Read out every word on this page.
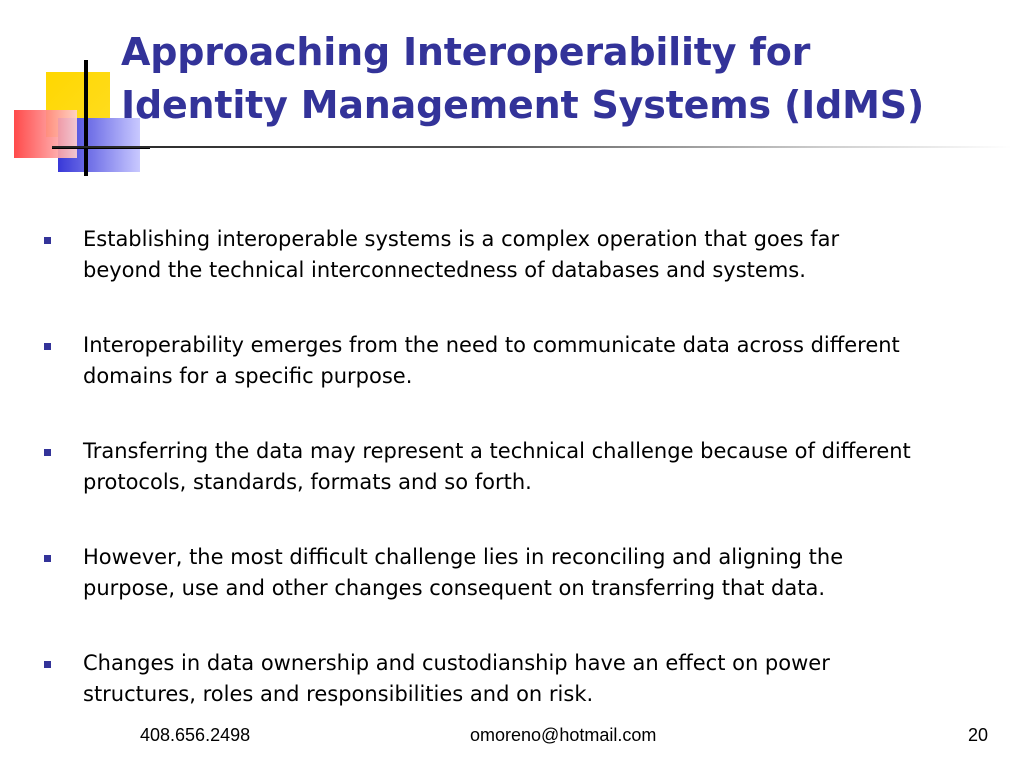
Approaching Interoperability for
Identity Management Systems (IdMS)
Establishing interoperable systems is a complex operation that goes far
beyond the technical interconnectedness of databases and systems.
Interoperability emerges from the need to communicate data across different
domains for a specific purpose.
Transferring the data may represent a technical challenge because of different
protocols, standards, formats and so forth.
However, the most difficult challenge lies in reconciling and aligning the
purpose, use and other changes consequent on transferring that data.
Changes in data ownership and custodianship have an effect on power
structures, roles and responsibilities and on risk.
408.656.2498	omoreno@hotmail.com	20
